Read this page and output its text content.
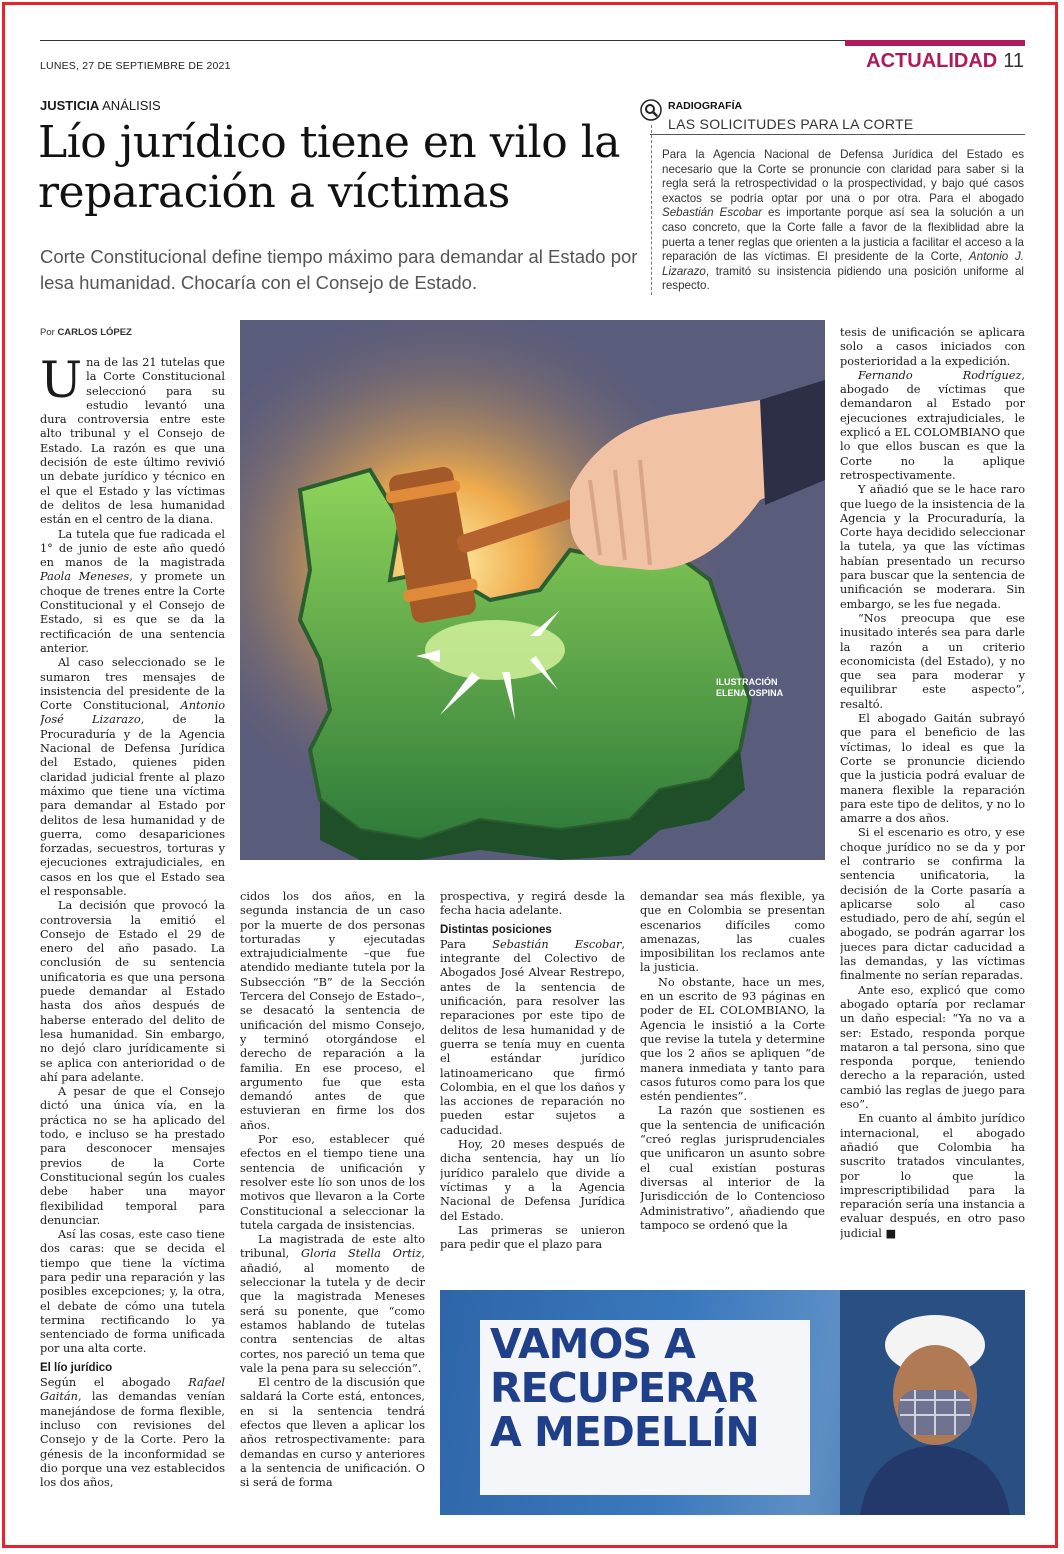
LUNES, 27 DE SEPTIEMBRE DE 2021	ACTUALIDAD 11
JUSTICIA ANÁLISIS
Lío jurídico tiene en vilo la reparación a víctimas
Corte Constitucional define tiempo máximo para demandar al Estado por lesa humanidad. Chocaría con el Consejo de Estado.
RADIOGRAFÍA
LAS SOLICITUDES PARA LA CORTE
Para la Agencia Nacional de Defensa Jurídica del Estado es necesario que la Corte se pronuncie con claridad para saber si la regla será la retrospectividad o la prospectividad, y bajo qué casos exactos se podría optar por una o por otra. Para el abogado Sebastián Escobar es importante porque así sea la solución a un caso concreto, que la Corte falle a favor de la flexiblidad abre la puerta a tener reglas que orienten a la justicia a facilitar el acceso a la reparación de las víctimas. El presidente de la Corte, Antonio J. Lizarazo, tramitó su insistencia pidiendo una posición uniforme al respecto.
Por CARLOS LÓPEZ

Una de las 21 tutelas que la Corte Constitucional seleccionó para su estudio levantó una dura controversia entre este alto tribunal y el Consejo de Estado. La razón es que una decisión de este último revivió un debate jurídico y técnico en el que el Estado y las víctimas de delitos de lesa humanidad están en el centro de la diana.

La tutela que fue radicada el 1° de junio de este año quedó en manos de la magistrada Paola Meneses, y promete un choque de trenes entre la Corte Constitucional y el Consejo de Estado, si es que se da la rectificación de una sentencia anterior.

Al caso seleccionado se le sumaron tres mensajes de insistencia del presidente de la Corte Constitucional, Antonio José Lizarazo, de la Procuraduría y de la Agencia Nacional de Defensa Jurídica del Estado, quienes piden claridad judicial frente al plazo máximo que tiene una víctima para demandar al Estado por delitos de lesa humanidad y de guerra, como desapariciones forzadas, secuestros, torturas y ejecuciones extrajudiciales, en casos en los que el Estado sea el responsable.

La decisión que provocó la controversia la emitió el Consejo de Estado el 29 de enero del año pasado. La conclusión de su sentencia unificatoria es que una persona puede demandar al Estado hasta dos años después de haberse enterado del delito de lesa humanidad. Sin embargo, no dejó claro jurídicamente si se aplica con anterioridad o de ahí para adelante.

A pesar de que el Consejo dictó una única vía, en la práctica no se ha aplicado del todo, e incluso se ha prestado para desconocer mensajes previos de la Corte Constitucional según los cuales debe haber una mayor flexibilidad temporal para denunciar.

Así las cosas, este caso tiene dos caras: que se decida el tiempo que tiene la víctima para pedir una reparación y las posibles excepciones; y, la otra, el debate de cómo una tutela termina rectificando lo ya sentenciado de forma unificada por una alta corte.

El lío jurídico

Según el abogado Rafael Gaitán, las demandas venían manejándose de forma flexible, incluso con revisiones del Consejo y de la Corte. Pero la génesis de la inconformidad se dio porque una vez establecidos los dos años,

ILUSTRACIÓN
ELENA OSPINA

cidos los dos años, en la segunda instancia de un caso por la muerte de dos personas torturadas y ejecutadas extrajudicialmente –que fue atendido mediante tutela por la Subsección “B” de la Sección Tercera del Consejo de Estado–, se desacató la sentencia de unificación del mismo Consejo, y terminó otorgándose el derecho de reparación a la familia. En ese proceso, el argumento fue que esta demandó antes de que estuvieran en firme los dos años.

Por eso, establecer qué efectos en el tiempo tiene una sentencia de unificación y resolver este lío son unos de los motivos que llevaron a la Corte Constitucional a seleccionar la tutela cargada de insistencias.

La magistrada de este alto tribunal, Gloria Stella Ortiz, añadió, al momento de seleccionar la tutela y de decir que la magistrada Meneses será su ponente, que “como estamos hablando de tutelas contra sentencias de altas cortes, nos pareció un tema que vale la pena para su selección”.

El centro de la discusión que saldará la Corte está, entonces, en si la sentencia tendrá efectos que lleven a aplicar los años retrospectivamente: para demandas en curso y anteriores a la sentencia de unificación. O si será de forma

prospectiva, y regirá desde la fecha hacia adelante.

Distintas posiciones

Para Sebastián Escobar, integrante del Colectivo de Abogados José Alvear Restrepo, antes de la sentencia de unificación, para resolver las reparaciones por este tipo de delitos de lesa humanidad y de guerra se tenía muy en cuenta el estándar jurídico latinoamericano que firmó Colombia, en el que los daños y las acciones de reparación no pueden estar sujetos a caducidad.

Hoy, 20 meses después de dicha sentencia, hay un lío jurídico paralelo que divide a víctimas y a la Agencia Nacional de Defensa Jurídica del Estado.

Las primeras se unieron para pedir que el plazo para

demandar sea más flexible, ya que en Colombia se presentan escenarios difíciles como amenazas, las cuales imposibilitan los reclamos ante la justicia.

No obstante, hace un mes, en un escrito de 93 páginas en poder de EL COLOMBIANO, la Agencia le insistió a la Corte que revise la tutela y determine que los 2 años se apliquen “de manera inmediata y tanto para casos futuros como para los que estén pendientes”.

La razón que sostienen es que la sentencia de unificación “creó reglas jurisprudenciales que unificaron un asunto sobre el cual existían posturas diversas al interior de la Jurisdicción de lo Contencioso Administrativo”, añadiendo que tampoco se ordenó que la

tesis de unificación se aplicara solo a casos iniciados con posterioridad a la expedición.

Fernando Rodríguez, abogado de víctimas que demandaron al Estado por ejecuciones extrajudiciales, le explicó a EL COLOMBIANO que lo que ellos buscan es que la Corte no la aplique retrospectivamente.

Y añadió que se le hace raro que luego de la insistencia de la Agencia y la Procuraduría, la Corte haya decidido seleccionar la tutela, ya que las víctimas habían presentado un recurso para buscar que la sentencia de unificación se moderara. Sin embargo, se les fue negada.

“Nos preocupa que ese inusitado interés sea para darle la razón a un criterio economicista (del Estado), y no que sea para moderar y equilibrar este aspecto”, resaltó.

El abogado Gaitán subrayó que para el beneficio de las víctimas, lo ideal es que la Corte se pronuncie diciendo que la justicia podrá evaluar de manera flexible la reparación para este tipo de delitos, y no lo amarre a dos años.

Si el escenario es otro, y ese choque jurídico no se da y por el contrario se confirma la sentencia unificatoria, la decisión de la Corte pasaría a aplicarse solo al caso estudiado, pero de ahí, según el abogado, se podrán agarrar los jueces para dictar caducidad a las demandas, y las víctimas finalmente no serían reparadas.

Ante eso, explicó que como abogado optaría por reclamar un daño especial: “Ya no va a ser: Estado, responda porque mataron a tal persona, sino que responda porque, teniendo derecho a la reparación, usted cambió las reglas de juego para eso”.

En cuanto al ámbito jurídico internacional, el abogado añadió que Colombia ha suscrito tratados vinculantes, por lo que la imprescriptibilidad para la reparación sería una instancia a evaluar después, en otro paso judicial ■

VAMOS A
RECUPERAR
A MEDELLÍN
